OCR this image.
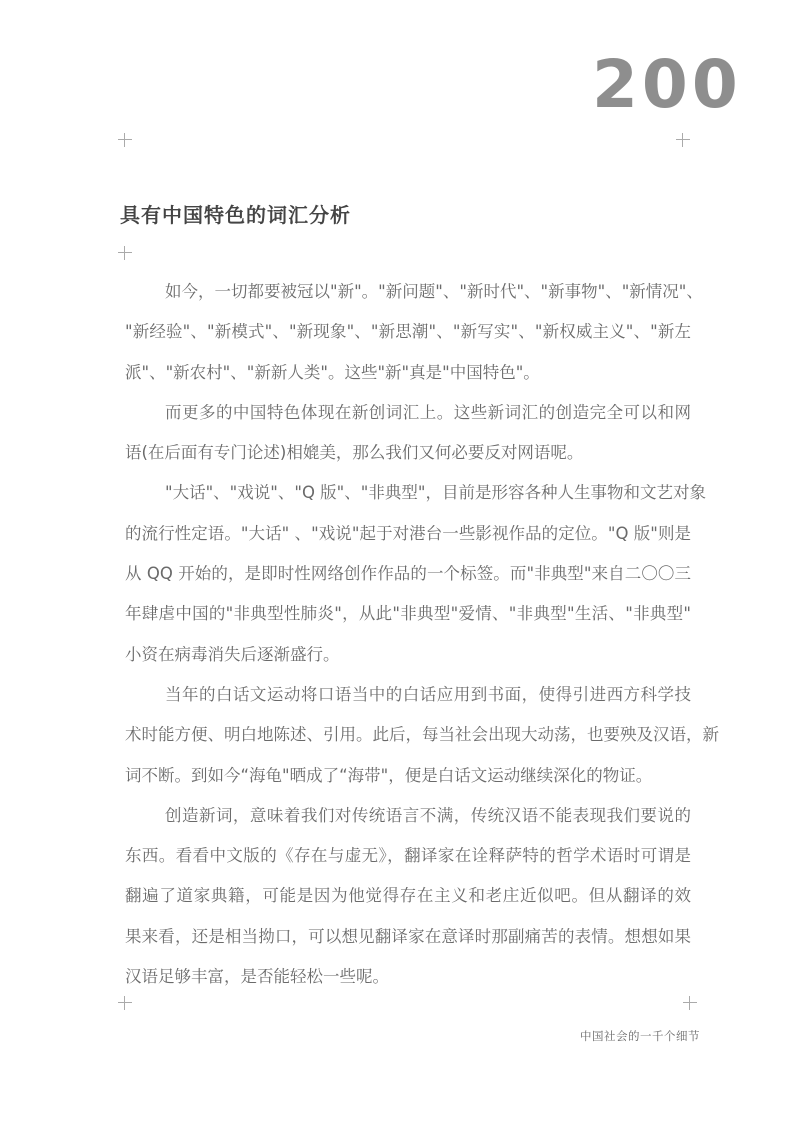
200
具有中国特色的词汇分析
如今，一切都要被冠以"新"。"新问题"、"新时代"、"新事物"、"新情况"、
"新经验"、"新模式"、"新现象"、"新思潮"、"新写实"、"新权威主义"、"新左
派"、"新农村"、"新新人类"。这些"新"真是"中国特色"。
而更多的中国特色体现在新创词汇上。这些新词汇的创造完全可以和网
语(在后面有专门论述)相媲美，那么我们又何必要反对网语呢。
"大话"、"戏说"、"Q 版"、"非典型"，目前是形容各种人生事物和文艺对象
的流行性定语。"大话" 、"戏说"起于对港台一些影视作品的定位。"Q 版"则是
从 QQ 开始的，是即时性网络创作作品的一个标签。而"非典型"来自二〇〇三
年肆虐中国的"非典型性肺炎"，从此"非典型"爱情、"非典型"生活、"非典型"
小资在病毒消失后逐渐盛行。
当年的白话文运动将口语当中的白话应用到书面，使得引进西方科学技
术时能方便、明白地陈述、引用。此后，每当社会出现大动荡，也要殃及汉语，新
词不断。到如今“海龟"晒成了“海带"，便是白话文运动继续深化的物证。
创造新词，意味着我们对传统语言不满，传统汉语不能表现我们要说的
东西。看看中文版的《存在与虚无》，翻译家在诠释萨特的哲学术语时可谓是
翻遍了道家典籍，可能是因为他觉得存在主义和老庄近似吧。但从翻译的效
果来看，还是相当拗口，可以想见翻译家在意译时那副痛苦的表情。想想如果
汉语足够丰富，是否能轻松一些呢。
中国社会的一千个细节
